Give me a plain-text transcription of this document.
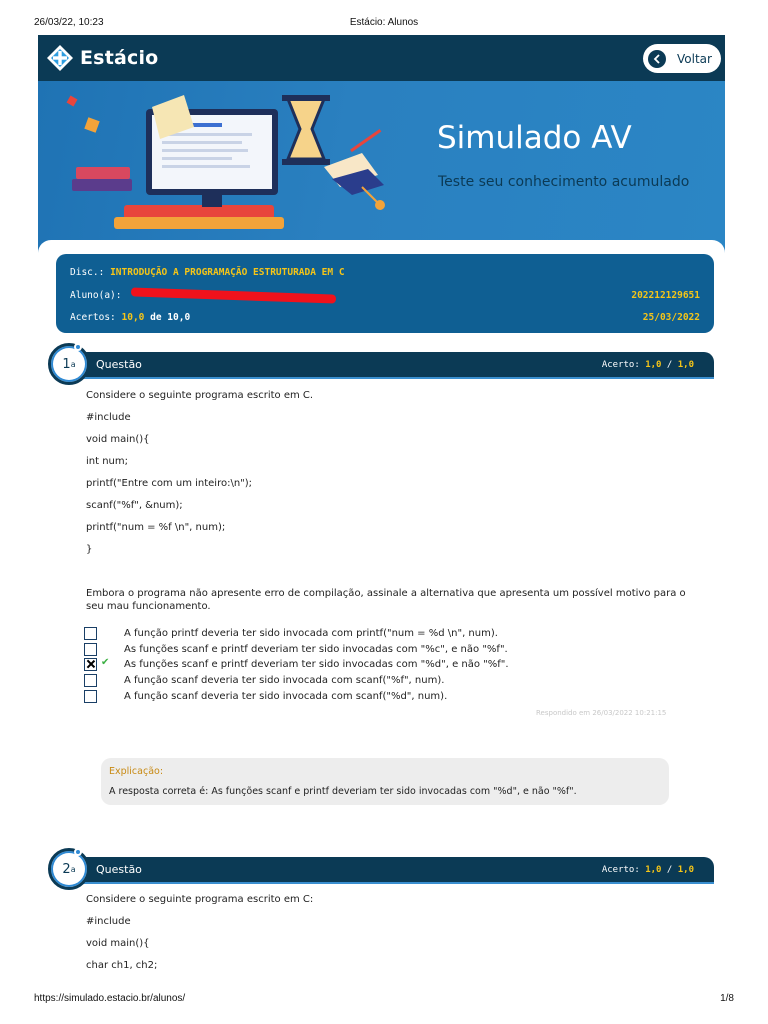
26/03/22, 10:23	Estácio: Alunos
Estácio	Voltar
Simulado AV
Teste seu conhecimento acumulado
Disc.: INTRODUÇÃO A PROGRAMAÇÃO ESTRUTURADA EM C
Aluno(a):	202212129651
Acertos: 10,0 de 10,0	25/03/2022
1 a Questão	Acerto: 1,0 / 1,0
Considere o seguinte programa escrito em C.
#include
void main(){
int num;
printf("Entre com um inteiro:\n");
scanf("%f", &num);
printf("num = %f \n", num);
}
Embora o programa não apresente erro de compilação, assinale a alternativa que apresenta um possível motivo para o seu mau funcionamento.
A função printf deveria ter sido invocada com printf("num = %d \n", num).
As funções scanf e printf deveriam ter sido invocadas com "%c", e não "%f".
As funções scanf e printf deveriam ter sido invocadas com "%d", e não "%f".
✔
A função scanf deveria ter sido invocada com scanf("%f", num).
A função scanf deveria ter sido invocada com scanf("%d", num).
Respondido em 26/03/2022 10:21:15
Explicação:
A resposta correta é: As funções scanf e printf deveriam ter sido invocadas com "%d", e não "%f".
2 a Questão	Acerto: 1,0 / 1,0
Considere o seguinte programa escrito em C:
#include
void main(){
char ch1, ch2;
https://simulado.estacio.br/alunos/	1/8
